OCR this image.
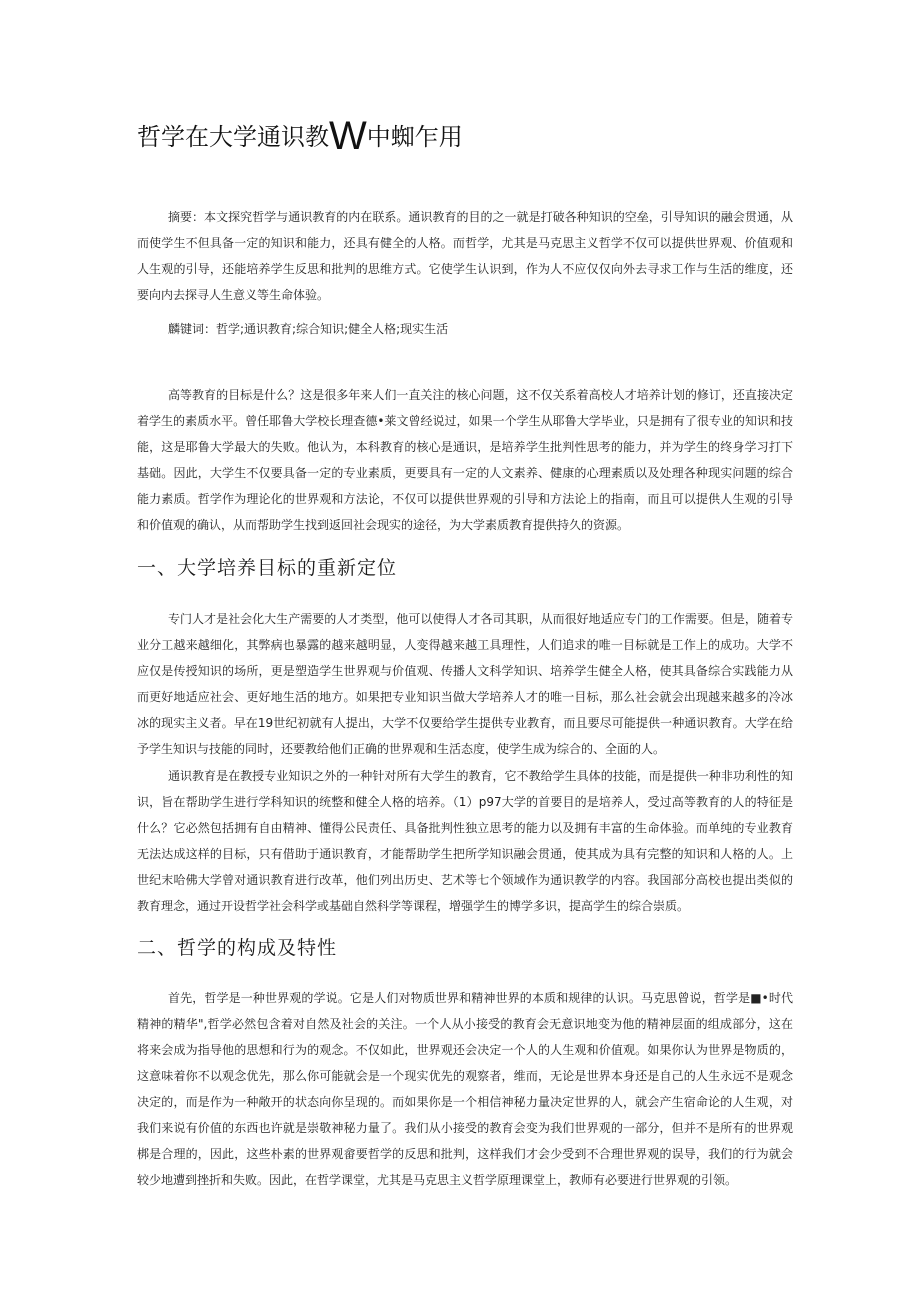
哲学在大学通识教W中蜘乍用

摘要：本文探究哲学与通识教育的内在联系。通识教育的目的之一就是打破各种知识的空垒，引导知识的融会贯通，从而使学生不但具备一定的知识和能力，还具有健全的人格。而哲学，尤其是马克思主义哲学不仅可以提供世界观、价值观和人生观的引导，还能培养学生反思和批判的思维方式。它使学生认识到，作为人不应仅仅向外去寻求工作与生活的维度，还要向内去探寻人生意义等生命体验。

麟键词：哲学;通识教育;综合知识;健全人格;现实生活

高等教育的目标是什么？这是很多年来人们一直关注的核心问题，这不仅关系着高校人才培养计划的修订，还直接决定着学生的素质水平。曾任耶鲁大学校长理查德•莱文曾经说过，如果一个学生从耶鲁大学毕业，只是拥有了很专业的知识和技能，这是耶鲁大学最大的失败。他认为，本科教育的核心是通识，是培养学生批判性思考的能力，并为学生的终身学习打下基础。因此，大学生不仅要具备一定的专业素质，更要具有一定的人文素养、健康的心理素质以及处理各种现实问题的综合能力素质。哲学作为理论化的世界观和方法论，不仅可以提供世界观的引导和方法论上的指南，而且可以提供人生观的引导和价值观的确认，从而帮助学生找到返回社会现实的途径，为大学素质教育提供持久的资源。

一、大学培养目标的重新定位

专门人才是社会化大生产需要的人才类型，他可以使得人才各司其职，从而很好地适应专门的工作需要。但是，随着专业分工越来越细化，其弊病也暴露的越来越明显，人变得越来越工具理性，人们追求的唯一目标就是工作上的成功。大学不应仅是传授知识的场所，更是塑造学生世界观与价值观、传播人文科学知识、培养学生健全人格，使其具备综合实践能力从而更好地适应社会、更好地生活的地方。如果把专业知识当做大学培养人才的唯一目标，那么社会就会出现越来越多的冷冰冰的现实主义者。早在19世纪初就有人提出，大学不仅要给学生提供专业教育，而且要尽可能提供一种通识教育。大学在给予学生知识与技能的同时，还要教给他们正确的世界观和生活态度，使学生成为综合的、全面的人。

通识教育是在教授专业知识之外的一种针对所有大学生的教育，它不教给学生具体的技能，而是提供一种非功利性的知识，旨在帮助学生进行学科知识的统整和健全人格的培养。（1）p97大学的首要目的是培养人，受过高等教育的人的特征是什么？它必然包括拥有自由精神、懂得公民责任、具备批判性独立思考的能力以及拥有丰富的生命体验。而单纯的专业教育无法达成这样的目标，只有借助于通识教育，才能帮助学生把所学知识融会贯通，使其成为具有完整的知识和人格的人。上世纪末哈佛大学曾对通识教育进行改革，他们列出历史、艺术等七个领域作为通识教学的内容。我国部分高校也提出类似的教育理念，通过开设哲学社会科学或基础自然科学等课程，增强学生的博学多识，提高学生的综合崇质。

二、哲学的构成及特性

首先，哲学是一种世界观的学说。它是人们对物质世界和精神世界的本质和规律的认识。马克思曾说，哲学是■•时代精神的精华",哲学必然包含着对自然及社会的关注。一个人从小接受的教育会无意识地变为他的精神层面的组成部分，这在将来会成为指导他的思想和行为的观念。不仅如此，世界观还会决定一个人的人生观和价值观。如果你认为世界是物质的，这意味着你不以观念优先，那么你可能就会是一个现实优先的观察者，维而，无论是世界本身还是自己的人生永远不是观念决定的，而是作为一种敞开的状态向你呈现的。而如果你是一个相信神秘力量决定世界的人，就会产生宿命论的人生观，对我们来说有价值的东西也许就是崇敬神秘力量了。我们从小接受的教育会变为我们世界观的一部分，但并不是所有的世界观梆是合理的，因此，这些朴素的世界观畲要哲学的反思和批判，这样我们才会少受到不合理世界观的误导，我们的行为就会较少地遭到挫折和失败。因此，在哲学课堂，尤其是马克思主义哲学原理课堂上，教师有必要进行世界观的引领。
